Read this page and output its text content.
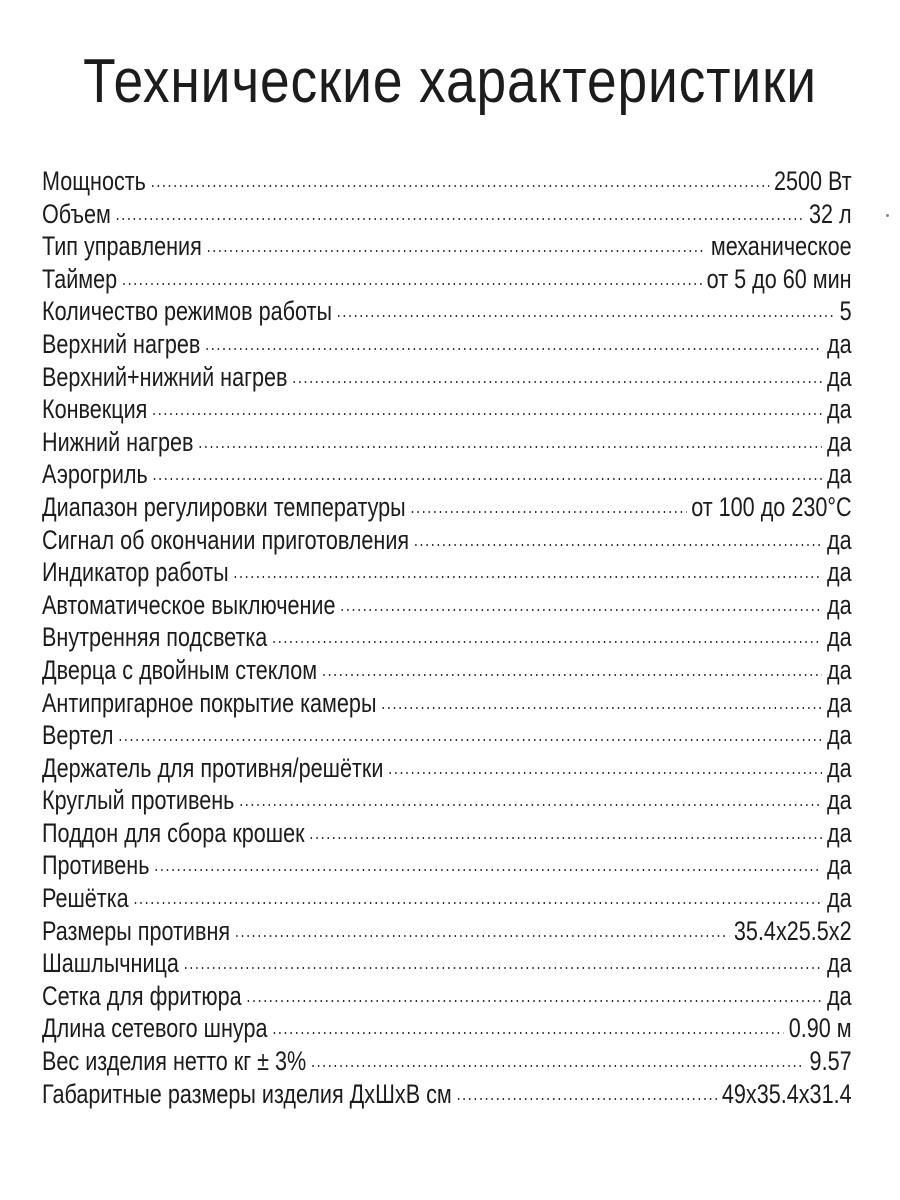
Технические характеристики
Мощность .....	2500 Вт
Объем .....	32 л
Тип управления .....	механическое
Таймер .....	от 5 до 60 мин
Количество режимов работы .....	5
Верхний нагрев .....	да
Верхний+нижний нагрев .....	да
Конвекция .....	да
Нижний нагрев .....	да
Аэрогриль .....	да
Диапазон регулировки температуры .....	от 100 до 230°С
Сигнал об окончании приготовления .....	да
Индикатор работы .....	да
Автоматическое выключение .....	да
Внутренняя подсветка .....	да
Дверца с двойным стеклом .....	да
Антипригарное покрытие камеры .....	да
Вертел .....	да
Держатель для противня/решётки .....	да
Круглый противень .....	да
Поддон для сбора крошек .....	да
Противень .....	да
Решётка .....	да
Размеры противня .....	35.4x25.5x2
Шашлычница .....	да
Сетка для фритюра .....	да
Длина сетевого шнура .....	0.90 м
Вес изделия нетто кг ± 3% .....	9.57
Габаритные размеры изделия ДхШхВ см .....	49x35.4x31.4
